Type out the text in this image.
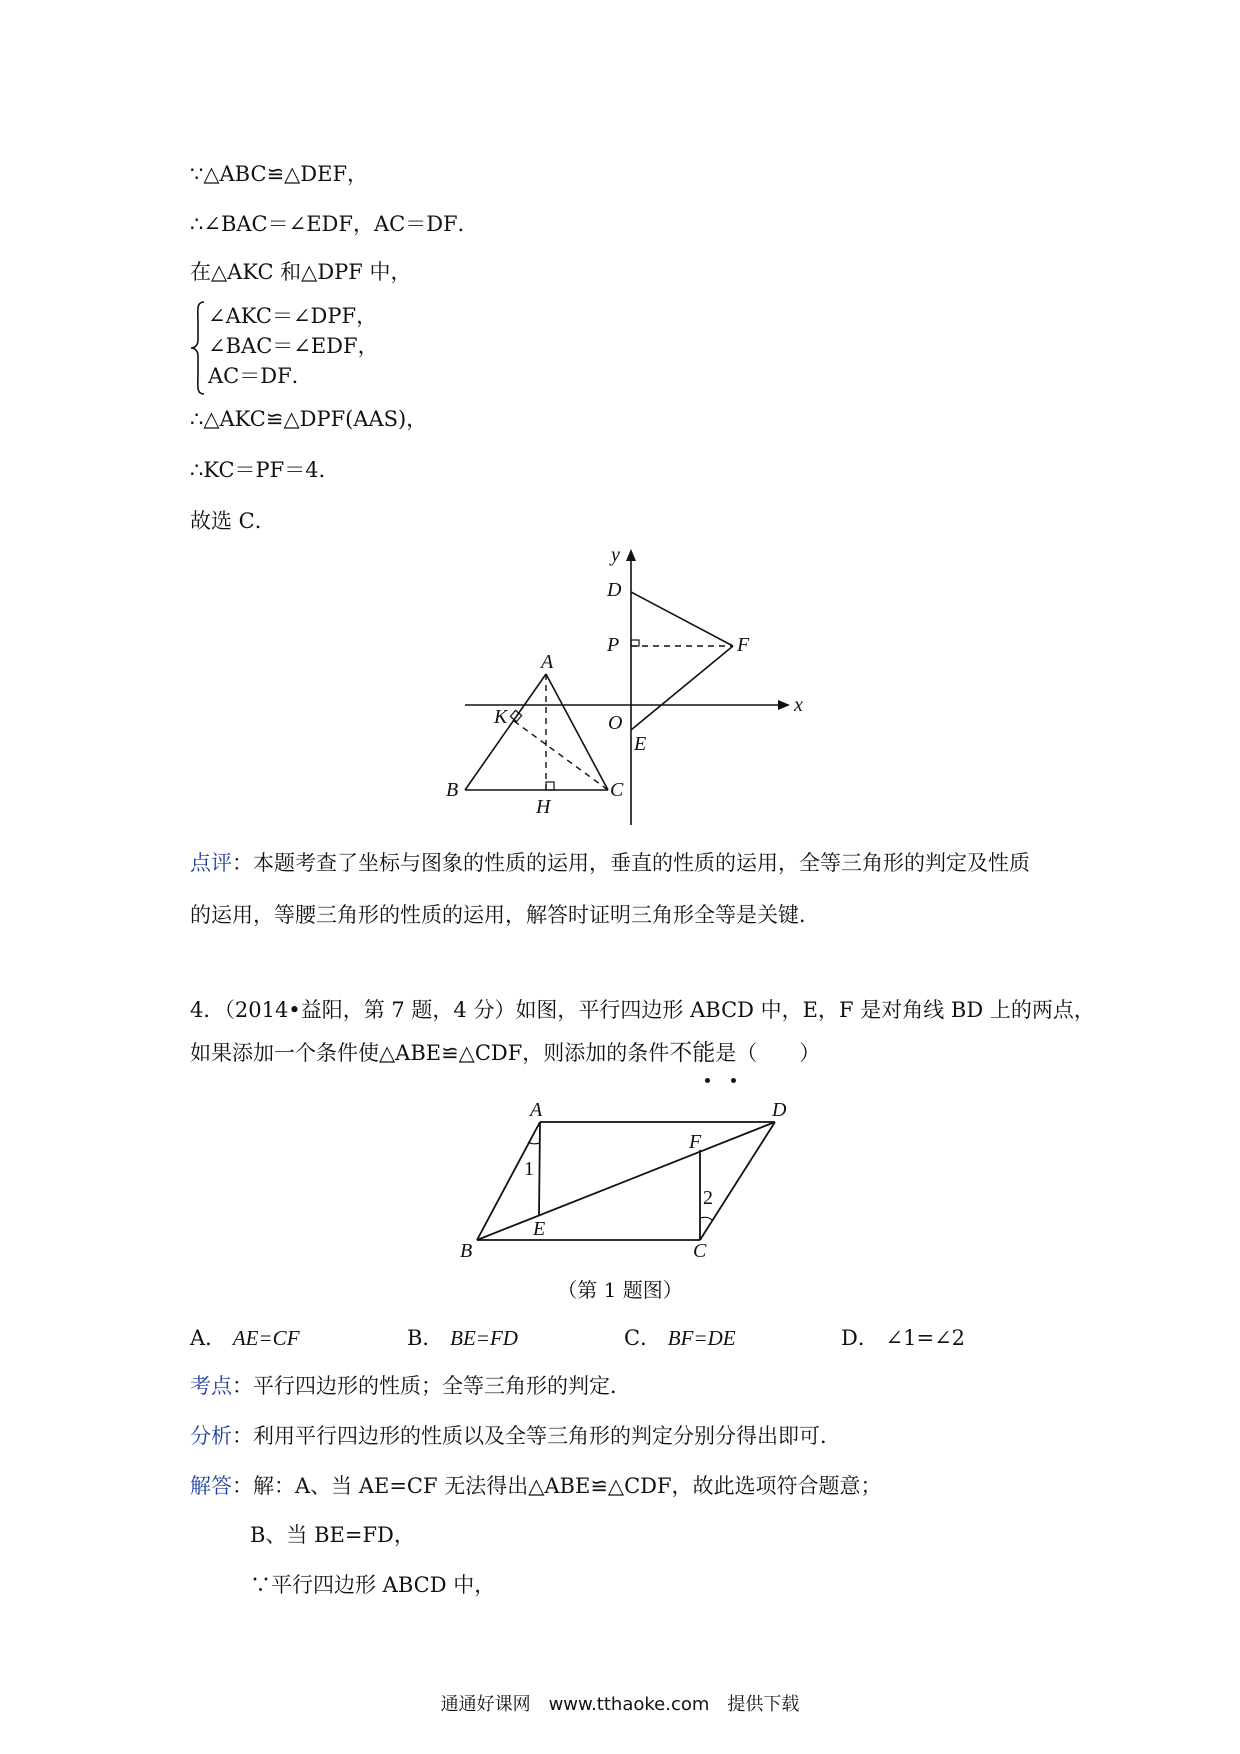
∵△ABC≌△DEF，
∴∠BAC＝∠EDF，AC＝DF．
在△AKC 和△DPF 中，
∠AKC＝∠DPF，
∠BAC＝∠EDF，
AC＝DF．
∴△AKC≌△DPF(AAS)，
∴KC＝PF＝4．
故选 C．
y
x
D
P	F
O
E
A
K
B
H
C
点评：本题考查了坐标与图象的性质的运用，垂直的性质的运用，全等三角形的判定及性质
的运用，等腰三角形的性质的运用，解答时证明三角形全等是关键．
4．（2014•益阳，第 7 题，4 分）如图，平行四边形 ABCD 中，E，F 是对角线 BD 上的两点，
如果添加一个条件使△ABE≌△CDF，则添加的条件不能是（　　）
A	D
F
1
2
E
B	C
（第 1 题图）
A． AE=CF	B． BE=FD	C． BF=DE	D． ∠1=∠2
考点：平行四边形的性质；全等三角形的判定．
分析：利用平行四边形的性质以及全等三角形的判定分别分得出即可．
解答：解：A、当 AE=CF 无法得出△ABE≌△CDF，故此选项符合题意；
B、当 BE=FD，
∵平行四边形 ABCD 中，
通通好课网　www.tthaoke.com　提供下载
